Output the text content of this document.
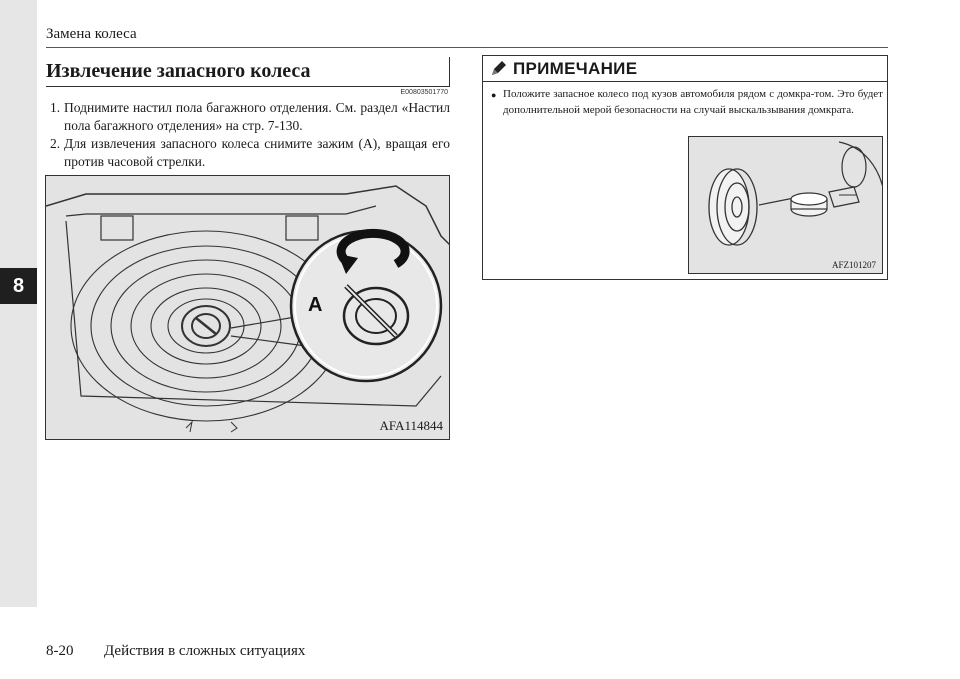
8
Замена колеса
Извлечение запасного колеса
E00803501770
1. Поднимите настил пола багажного отделения. См. раздел «Настил пола багажного отделения» на стр. 7-130.
2. Для извлечения запасного колеса снимите зажим (A), вращая его против часовой стрелки.
A
AFA114844
ПРИМЕЧАНИЕ
● Положите запасное колесо под кузов автомобиля рядом с домкра-том. Это будет дополнительной мерой безопасности на случай выскальзывания домкрата.
AFZ101207
8-20 Действия в сложных ситуациях
